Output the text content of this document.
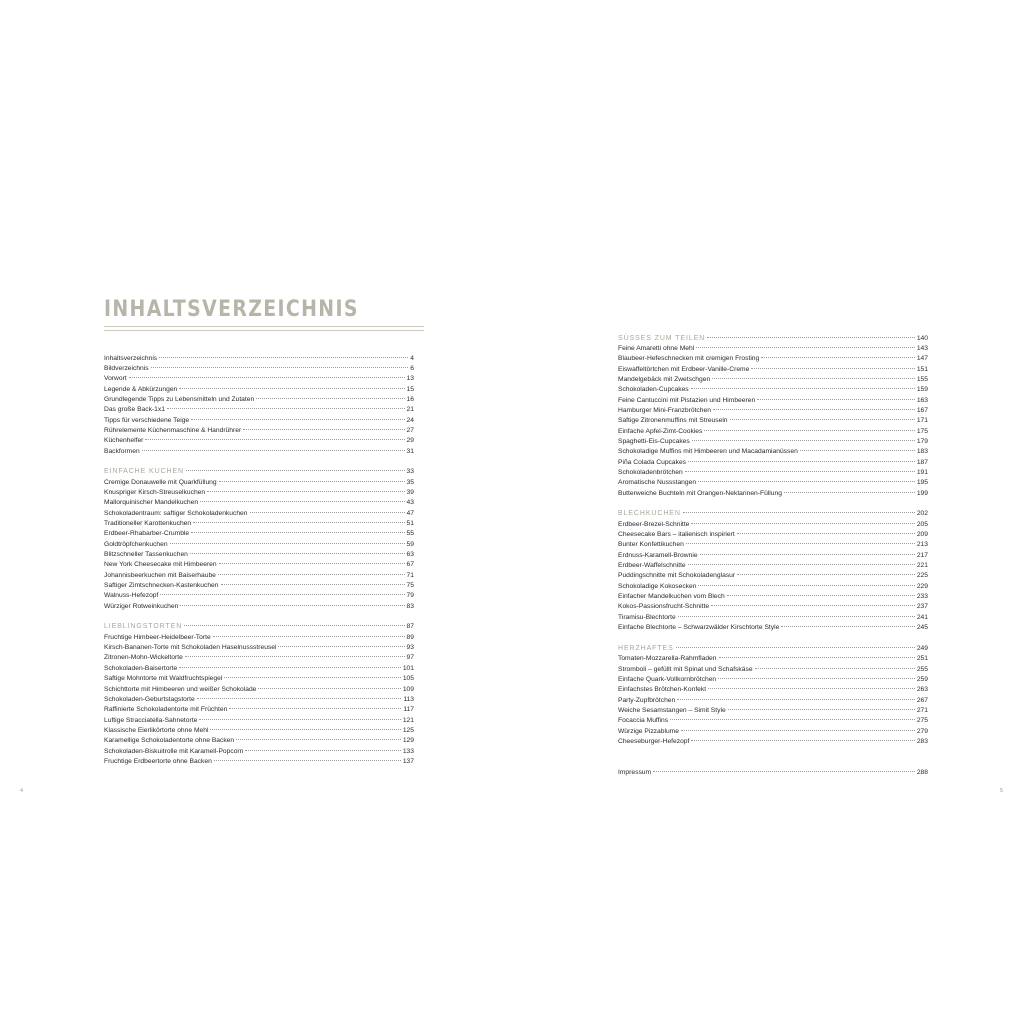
INHALTSVERZEICHNIS
Inhaltsverzeichnis	4
Bildverzeichnis	6
Vorwort	13
Legende & Abkürzungen	15
Grundlegende Tipps zu Lebensmitteln und Zutaten	16
Das große Back-1x1	21
Tipps für verschiedene Teige	24
Rührelemente Küchenmaschine & Handrührer	27
Küchenhelfer	29
Backformen	31
EINFACHE KUCHEN	33
Cremige Donauwelle mit Quarkfüllung	35
Knuspriger Kirsch-Streuselkuchen	39
Mallorquinischer Mandelkuchen	43
Schokoladentraum: saftiger Schokoladenkuchen	47
Traditioneller Karottenkuchen	51
Erdbeer-Rhabarber-Crumble	55
Goldtröpfchenkuchen	59
Blitzschneller Tassenkuchen	63
New York Cheesecake mit Himbeeren	67
Johannisbeerkuchen mit Baiserhaube	71
Saftiger Zimtschnecken-Kastenkuchen	75
Walnuss-Hefezopf	79
Würziger Rotweinkuchen	83
LIEBLINGSTORTEN	87
Fruchtige Himbeer-Heidelbeer-Torte	89
Kirsch-Bananen-Torte mit Schokoladen Haselnussstreusel	93
Zitronen-Mohn-Wickeltorte	97
Schokoladen-Baisertorte	101
Saftige Mohntorte mit Waldfruchtspiegel	105
Schichttorte mit Himbeeren und weißer Schokolade	109
Schokoladen-Geburtstagstorte	113
Raffinierte Schokoladentorte mit Früchten	117
Luftige Stracciatella-Sahnetorte	121
Klassische Eierlikörtorte ohne Mehl	125
Karamellige Schokoladentorte ohne Backen	129
Schokoladen-Biskuitrolle mit Karamell-Popcorn	133
Fruchtige Erdbeertorte ohne Backen	137
SÜSSES ZUM TEILEN	140
Feine Amaretti ohne Mehl	143
Blaubeer-Hefeschnecken mit cremigen Frosting	147
Eiswaffeltörtchen mit Erdbeer-Vanille-Creme	151
Mandelgebäck mit Zwetschgen	155
Schokoladen-Cupcakes	159
Feine Cantuccini mit Pistazien und Himbeeren	163
Hamburger Mini-Franzbrötchen	167
Saftige Zitronenmuffins mit Streuseln	171
Einfache Apfel-Zimt-Cookies	175
Spaghetti-Eis-Cupcakes	179
Schokoladige Muffins mit Himbeeren und Macadamianüssen	183
Piña Colada Cupcakes	187
Schokoladenbrötchen	191
Aromatische Nussstangen	195
Butterweiche Buchteln mit Orangen-Nektarinen-Füllung	199
BLECHKUCHEN	202
Erdbeer-Brezel-Schnitte	205
Cheesecake Bars – italienisch inspiriert	209
Bunter Konfettikuchen	213
Erdnuss-Karamell-Brownie	217
Erdbeer-Waffelschnitte	221
Puddingschnitte mit Schokoladenglasur	225
Schokoladige Kokosecken	229
Einfacher Mandelkuchen vom Blech	233
Kokos-Passionsfrucht-Schnitte	237
Tiramisu-Blechtorte	241
Einfache Blechtorte – Schwarzwälder Kirschtorte Style	245
HERZHAFTES	249
Tomaten-Mozzarella-Rahmfladen	251
Stromboli – gefüllt mit Spinat und Schafskäse	255
Einfache Quark-Vollkornbrötchen	259
Einfachstes Brötchen-Konfekt	263
Party-Zupfbrötchen	267
Weiche Sesamstangen – Simit Style	271
Focaccia Muffins	275
Würzige Pizzablume	279
Cheeseburger-Hefezopf	283
Impressum	288
4	5
